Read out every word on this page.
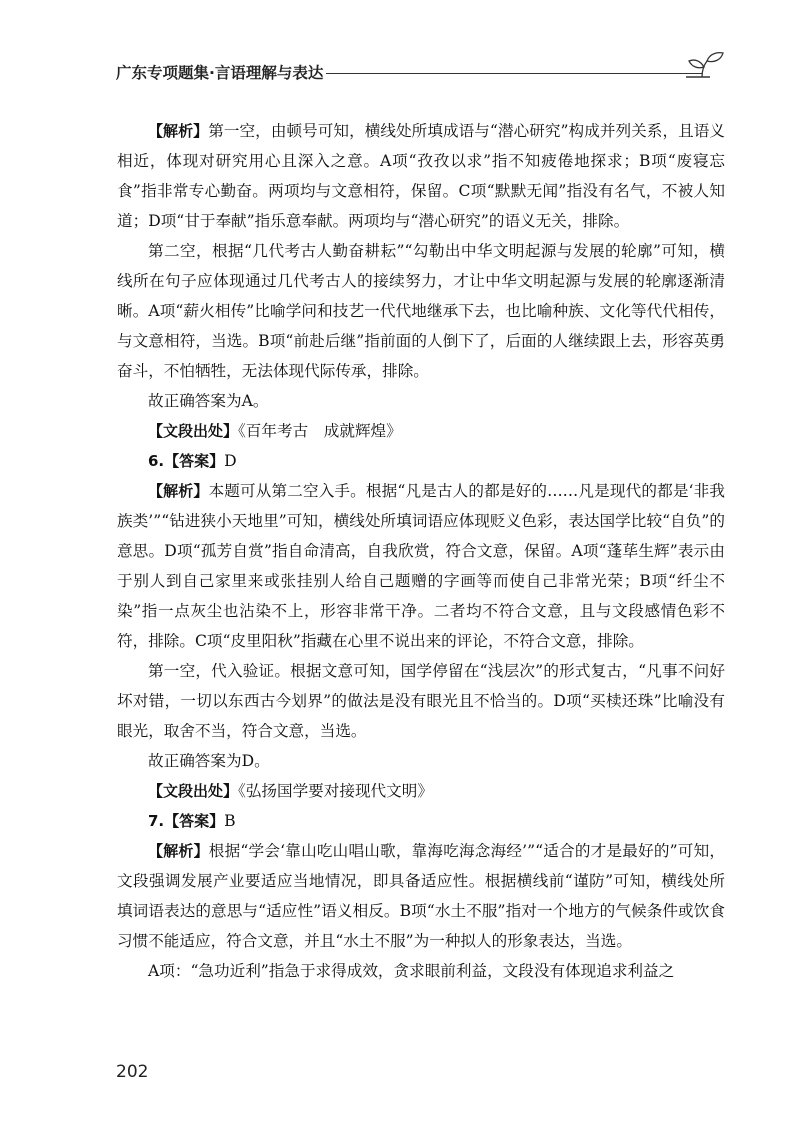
广东专项题集·言语理解与表达

【解析】第一空，由顿号可知，横线处所填成语与“潜心研究”构成并列关系，且语义相近，体现对研究用心且深入之意。A项“孜孜以求”指不知疲倦地探求；B项“废寝忘食”指非常专心勤奋。两项均与文意相符，保留。C项“默默无闻”指没有名气，不被人知道；D项“甘于奉献”指乐意奉献。两项均与“潜心研究”的语义无关，排除。

第二空，根据“几代考古人勤奋耕耘”“勾勒出中华文明起源与发展的轮廓”可知，横线所在句子应体现通过几代考古人的接续努力，才让中华文明起源与发展的轮廓逐渐清晰。A项“薪火相传”比喻学问和技艺一代代地继承下去，也比喻种族、文化等代代相传，与文意相符，当选。B项“前赴后继”指前面的人倒下了，后面的人继续跟上去，形容英勇奋斗，不怕牺牲，无法体现代际传承，排除。

故正确答案为A。

【文段出处】《百年考古　成就辉煌》

6.【答案】D

【解析】本题可从第二空入手。根据“凡是古人的都是好的……凡是现代的都是‘非我族类’”“钻进狭小天地里”可知，横线处所填词语应体现贬义色彩，表达国学比较“自负”的意思。D项“孤芳自赏”指自命清高，自我欣赏，符合文意，保留。A项“蓬荜生辉”表示由于别人到自己家里来或张挂别人给自己题赠的字画等而使自己非常光荣；B项“纤尘不染”指一点灰尘也沾染不上，形容非常干净。二者均不符合文意，且与文段感情色彩不符，排除。C项“皮里阳秋”指藏在心里不说出来的评论，不符合文意，排除。

第一空，代入验证。根据文意可知，国学停留在“浅层次”的形式复古，“凡事不问好坏对错，一切以东西古今划界”的做法是没有眼光且不恰当的。D项“买椟还珠”比喻没有眼光，取舍不当，符合文意，当选。

故正确答案为D。

【文段出处】《弘扬国学要对接现代文明》

7.【答案】B

【解析】根据“学会‘靠山吃山唱山歌，靠海吃海念海经’”“适合的才是最好的”可知，文段强调发展产业要适应当地情况，即具备适应性。根据横线前“谨防”可知，横线处所填词语表达的意思与“适应性”语义相反。B项“水土不服”指对一个地方的气候条件或饮食习惯不能适应，符合文意，并且“水土不服”为一种拟人的形象表达，当选。

A项：“急功近利”指急于求得成效，贪求眼前利益，文段没有体现追求利益之

202
